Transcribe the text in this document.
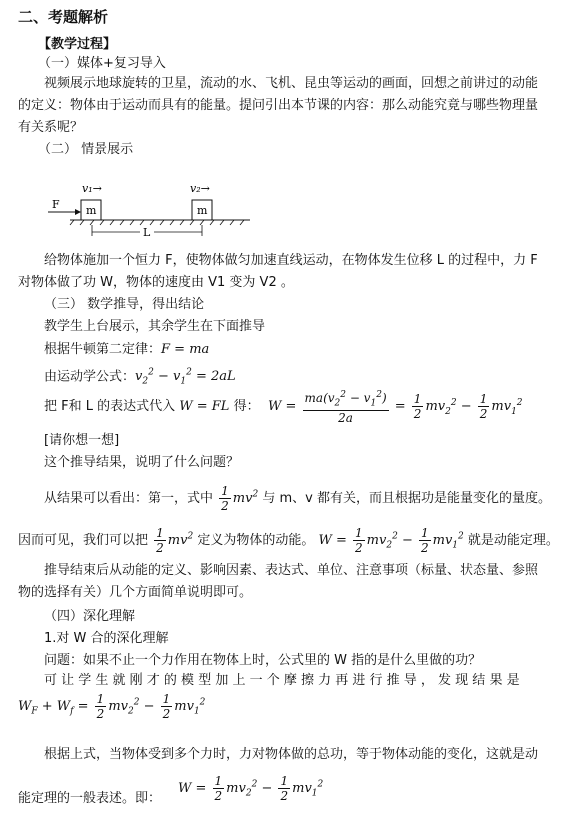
二、考题解析
【教学过程】
（一）媒体+复习导入
视频展示地球旋转的卫星，流动的水、飞机、昆虫等运动的画面，回想之前讲过的动能
的定义：物体由于运动而具有的能量。提问引出本节课的内容：那么动能究竟与哪些物理量
有关系呢？
（二） 情景展示
v₁→	v₂→
F m	m
L
给物体施加一个恒力 F，使物体做匀加速直线运动，在物体发生位移 L 的过程中，力 F
对物体做了功 W，物体的速度由 V1 变为 V2 。
（三） 数学推导，得出结论
教学生上台展示，其余学生在下面推导
根据牛顿第二定律：F = ma
由运动学公式：$v_2^2 - v_1^2 = 2aL$
把 F和 L 的表达式代入 W = FL 得： $W = \frac{ma(v_2^2 - v_1^2)}{2a} = \frac{1}{2} mv_2^2 - \frac{1}{2} mv_1^2$
[请你想一想]
这个推导结果，说明了什么问题？
从结果可以看出：第一，式中 $\frac{1}{2} mv^2$ 与 m、v 都有关，而且根据功是能量变化的量度。
因而可见，我们可以把 $\frac{1}{2} mv^2$ 定义为物体的动能。 $W = \frac{1}{2} mv_2^2 - \frac{1}{2} mv_1^2$ 就是动能定理。
推导结束后从动能的定义、影响因素、表达式、单位、注意事项（标量、状态量、参照
物的选择有关）几个方面简单说明即可。
（四）深化理解
1.对 W 合的深化理解
问题：如果不止一个力作用在物体上时，公式里的 W 指的是什么里做的功？
可 让 学 生 就 刚 才 的 模 型 加 上 一 个 摩 擦 力 再 进 行 推 导 ， 发 现 结 果 是
$W_F + W_f = \frac{1}{2} mv_2^2 - \frac{1}{2} mv_1^2$
根据上式，当物体受到多个力时，力对物体做的总功，等于物体动能的变化，这就是动
能定理的一般表述。即：
$W = \frac{1}{2} mv_2^2 - \frac{1}{2} mv_1^2$
